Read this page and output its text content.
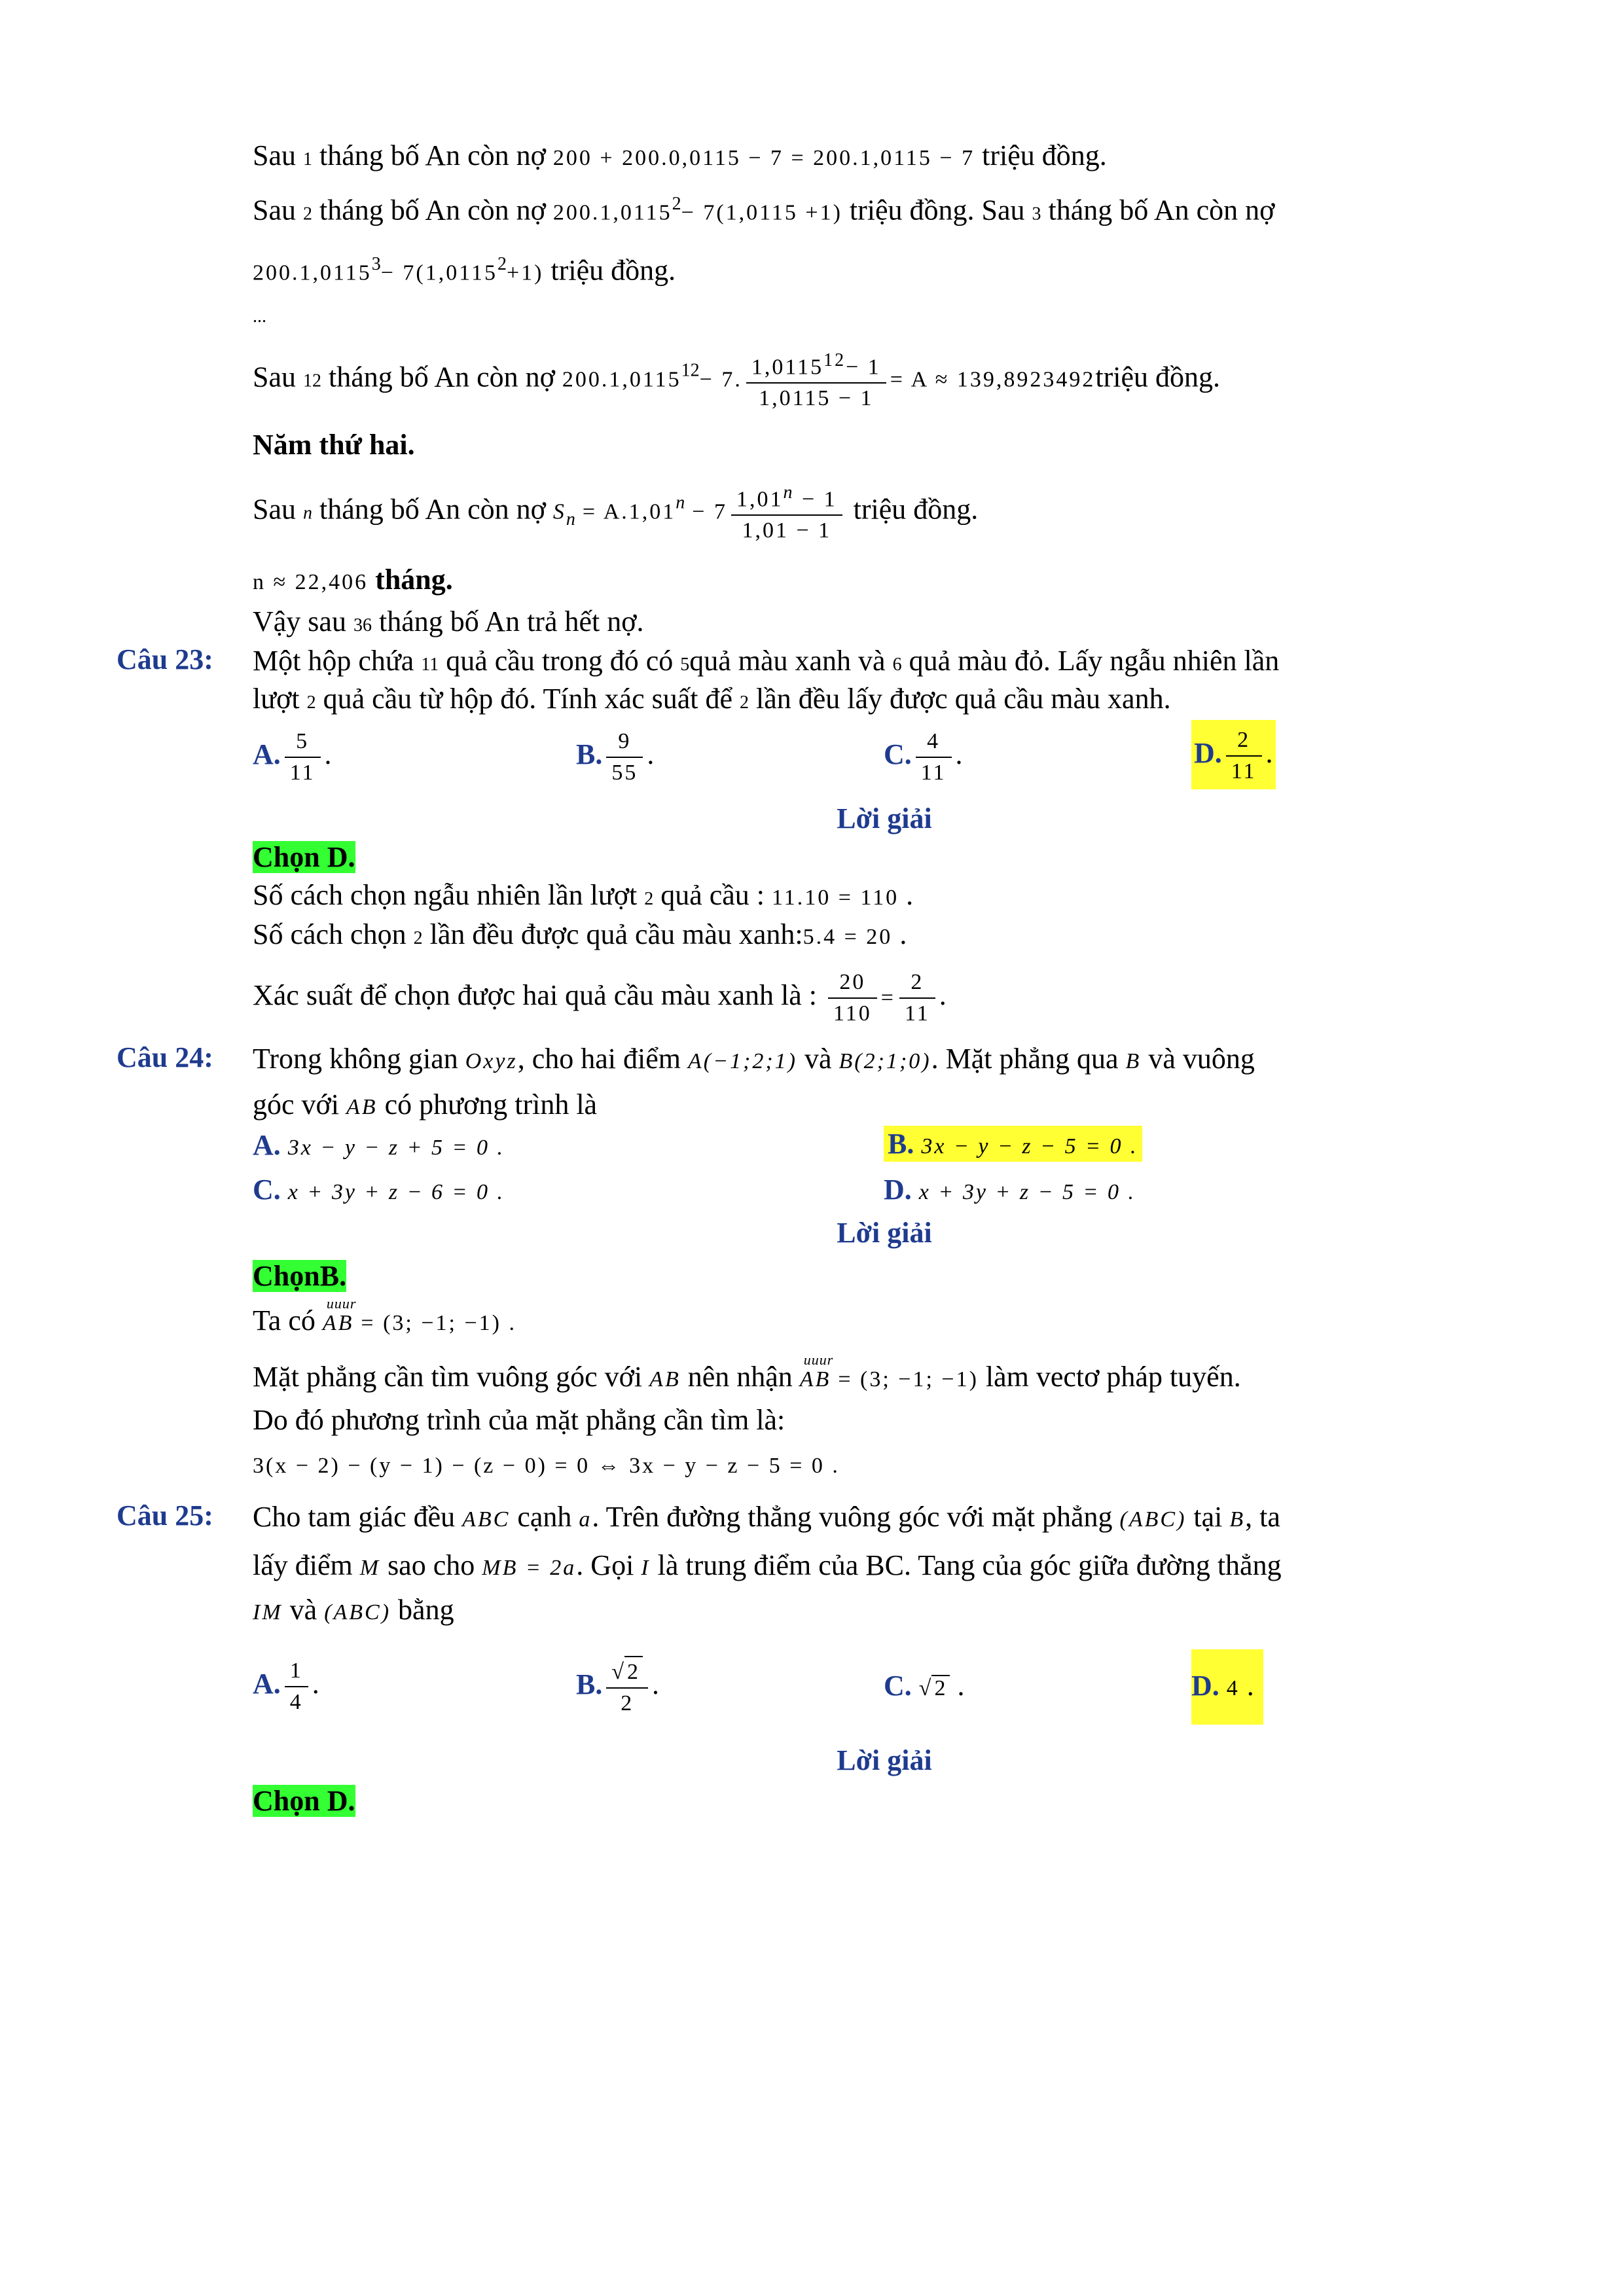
Sau 1 tháng bố An còn nợ 200 + 200.0,0115 − 7 = 200.1,0115 − 7 triệu đồng.
Sau 2 tháng bố An còn nợ $200.1,0115^2- 7(1,0115 +1)$ triệu đồng. Sau 3 tháng bố An còn nợ
$200.1,0115^3- 7(1,0115^2+1)$ triệu đồng.
...
Sau 12 tháng bố An còn nợ $200.1,0115^{12}- 7$. $\frac{1,0115^{12}- 1}{1,0115 - 1} = A$ ≈ 139,8923492triệu đồng.
Năm thứ hai.
Sau n tháng bố An còn nợ $S_n = A.1,01^n - 7 \frac{1,01^n - 1}{1,01 - 1}$ triệu đồng.
n ≈ 22,406 tháng.
Vậy sau 36 tháng bố An trả hết nợ.
Câu 23: Một hộp chứa 11 quả cầu trong đó có 5quả màu xanh và 6 quả màu đỏ. Lấy ngẫu nhiên lần
lượt 2 quả cầu từ hộp đó. Tính xác suất để 2 lần đều lấy được quả cầu màu xanh.
A. $\frac{5}{11}$ .	B. $\frac{9}{55}$ .	C. $\frac{4}{11}$ .	D. $\frac{2}{11}$ .
Lời giải
Chọn D.
Số cách chọn ngẫu nhiên lần lượt 2 quả cầu : 11.10 = 110 .
Số cách chọn 2 lần đều được quả cầu màu xanh:5.4 = 20 .
Xác suất để chọn được hai quả cầu màu xanh là : $\frac{20}{110} = \frac{2}{11}$ .
Câu 24: Trong không gian Oxyz, cho hai điểm A(−1;2;1) và B(2;1;0). Mặt phẳng qua B và vuông
góc với AB có phương trình là
A. 3x − y − z + 5 = 0 .	B. 3x − y − z − 5 = 0 .
C. x + 3y + z − 6 = 0 .	D. x + 3y + z − 5 = 0 .
Lời giải
ChọnB.
Ta có
uuur
AB = (3; −1; −1) .
Mặt phẳng cần tìm vuông góc với AB nên nhận
uuur
AB = (3; −1; −1) làm vectơ pháp tuyến.
Do đó phương trình của mặt phẳng cần tìm là:
3(x − 2) − (y − 1) − (z − 0) = 0 ⇔ 3x − y − z − 5 = 0 .
Câu 25: Cho tam giác đều ABC cạnh a. Trên đường thẳng vuông góc với mặt phẳng (ABC) tại B, ta
lấy điểm M sao cho MB = 2a. Gọi I là trung điểm của BC. Tang của góc giữa đường thẳng
IM và (ABC) bằng
A. $\frac{1}{4}$ .	B. $\frac{√2}{2}$ .	C. √2 .	D. 4 .
Lời giải
Chọn D.
